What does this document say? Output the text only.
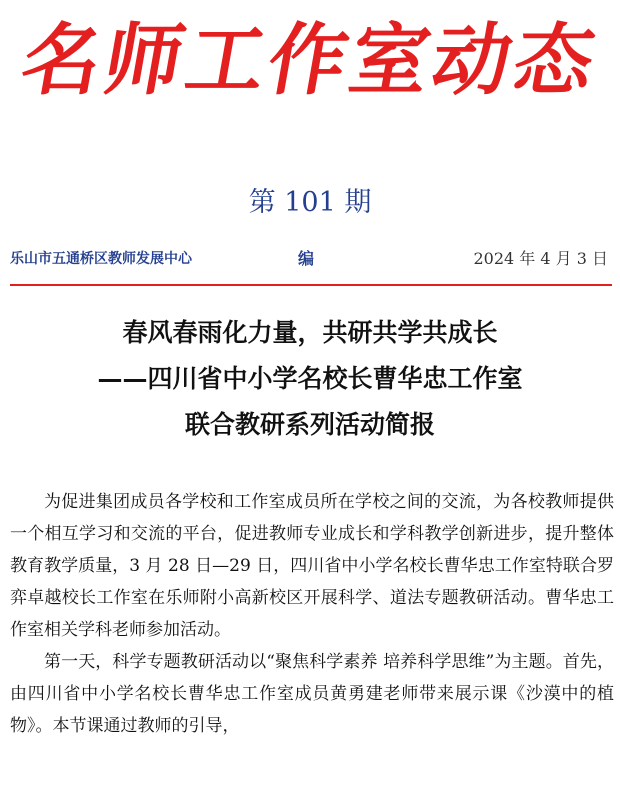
名师工作室动态
第 101 期
乐山市五通桥区教师发展中心	编	2024 年 4 月 3 日
春风春雨化力量，共研共学共成长
——四川省中小学名校长曹华忠工作室
联合教研系列活动简报

为促进集团成员各学校和工作室成员所在学校之间的交流，为各校教师提供一个相互学习和交流的平台，促进教师专业成长和学科教学创新进步，提升整体教育教学质量，3 月 28 日—29 日，四川省中小学名校长曹华忠工作室特联合罗弈卓越校长工作室在乐师附小高新校区开展科学、道法专题教研活动。曹华忠工作室相关学科老师参加活动。

第一天，科学专题教研活动以“聚焦科学素养 培养科学思维”为主题。首先，由四川省中小学名校长曹华忠工作室成员黄勇建老师带来展示课《沙漠中的植物》。本节课通过教师的引导，
